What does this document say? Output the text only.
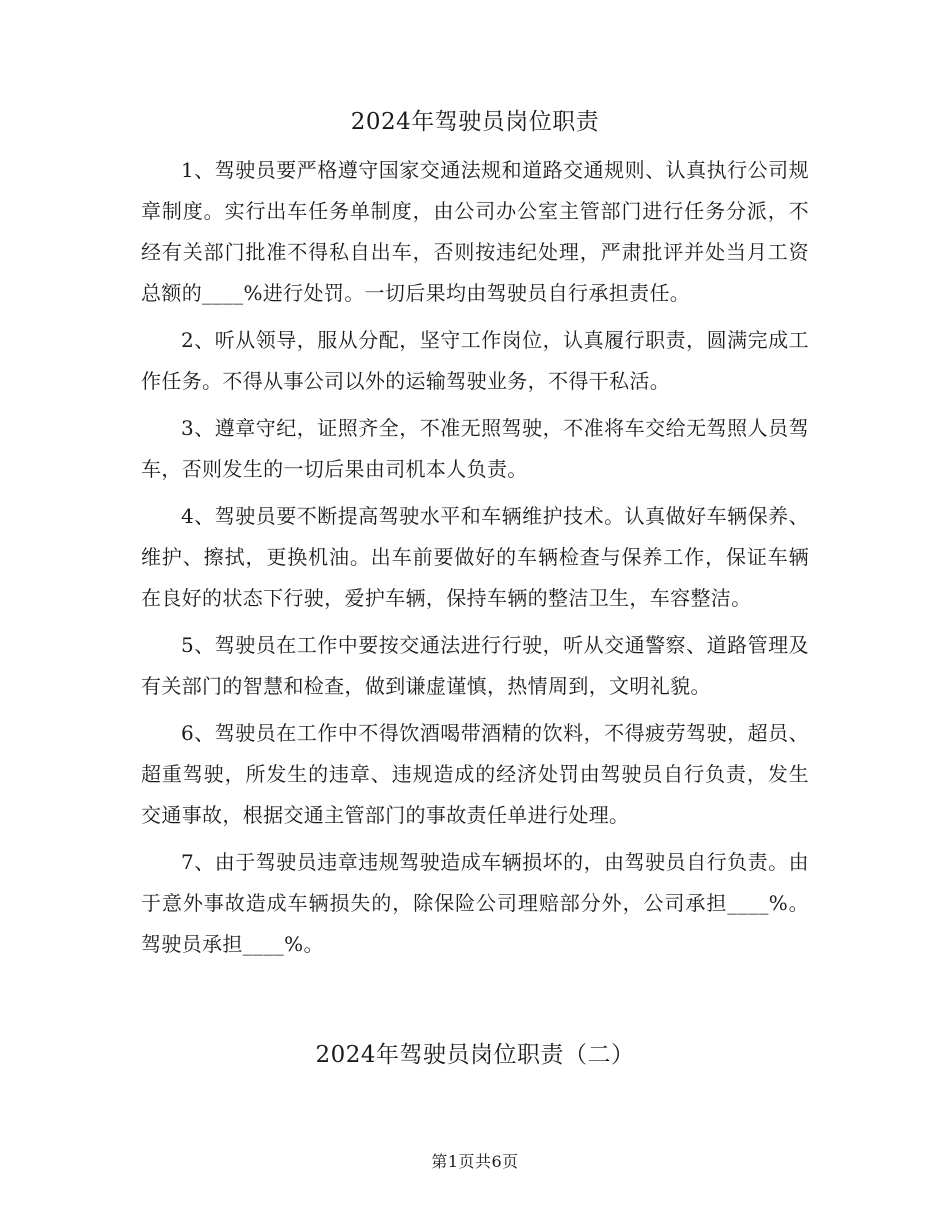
2024年驾驶员岗位职责

1、驾驶员要严格遵守国家交通法规和道路交通规则、认真执行公司规章制度。实行出车任务单制度，由公司办公室主管部门进行任务分派，不经有关部门批准不得私自出车，否则按违纪处理，严肃批评并处当月工资总额的____%进行处罚。一切后果均由驾驶员自行承担责任。

2、听从领导，服从分配，坚守工作岗位，认真履行职责，圆满完成工作任务。不得从事公司以外的运输驾驶业务，不得干私活。

3、遵章守纪，证照齐全，不准无照驾驶，不准将车交给无驾照人员驾车，否则发生的一切后果由司机本人负责。

4、驾驶员要不断提高驾驶水平和车辆维护技术。认真做好车辆保养、维护、擦拭，更换机油。出车前要做好的车辆检查与保养工作，保证车辆在良好的状态下行驶，爱护车辆，保持车辆的整洁卫生，车容整洁。

5、驾驶员在工作中要按交通法进行行驶，听从交通警察、道路管理及有关部门的智慧和检查，做到谦虚谨慎，热情周到，文明礼貌。

6、驾驶员在工作中不得饮酒喝带酒精的饮料，不得疲劳驾驶，超员、超重驾驶，所发生的违章、违规造成的经济处罚由驾驶员自行负责，发生交通事故，根据交通主管部门的事故责任单进行处理。

7、由于驾驶员违章违规驾驶造成车辆损坏的，由驾驶员自行负责。由于意外事故造成车辆损失的，除保险公司理赔部分外，公司承担____%。驾驶员承担____%。

2024年驾驶员岗位职责（二）
第1页共6页
